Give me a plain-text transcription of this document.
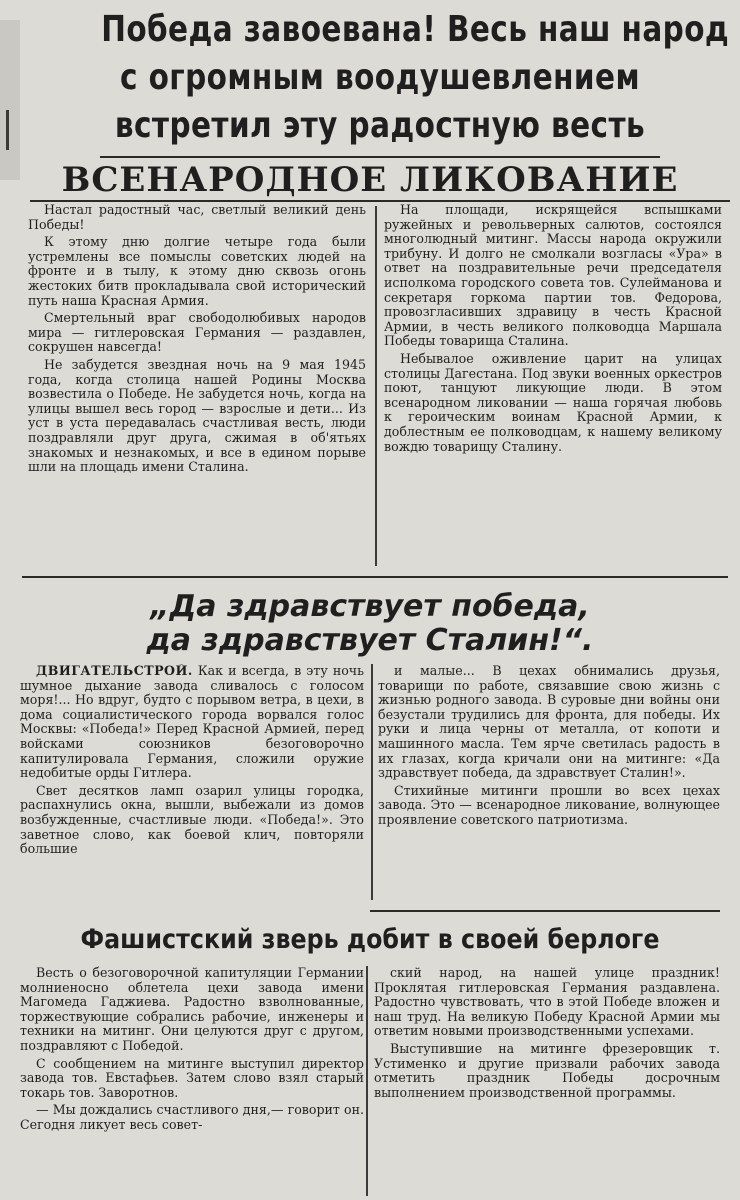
Победа завоевана! Весь наш народ
с огромным воодушевлением
встретил эту радостную весть
ВСЕНАРОДНОЕ ЛИКОВАНИЕ

Настал радостный час, светлый великий день Победы!

К этому дню долгие четыре года были устремлены все помыслы советских людей на фронте и в тылу, к этому дню сквозь огонь жестоких битв прокладывала свой исторический путь наша Красная Армия.

Смертельный враг свободолюбивых народов мира — гитлеровская Германия — раздавлен, сокрушен навсегда!

Не забудется звездная ночь на 9 мая 1945 года, когда столица нашей Родины Москва возвестила о Победе. Не забудется ночь, когда на улицы вышел весь город — взрослые и дети... Из уст в уста передавалась счастливая весть, люди поздравляли друг друга, сжимая в об'ятьях знакомых и незнакомых, и все в едином порыве шли на площадь имени Сталина.

На площади, искрящейся вспышками ружейных и револьверных салютов, состоялся многолюдный митинг. Массы народа окружили трибуну. И долго не смолкали возгласы «Ура» в ответ на поздравительные речи председателя исполкома городского совета тов. Сулейманова и секретаря горкома партии тов. Федорова, провозгласивших здравицу в честь Красной Армии, в честь великого полководца Маршала Победы товарища Сталина.

Небывалое оживление царит на улицах столицы Дагестана. Под звуки военных оркестров поют, танцуют ликующие люди. В этом всенародном ликовании — наша горячая любовь к героическим воинам Красной Армии, к доблестным ее полководцам, к нашему великому вождю товарищу Сталину.

„Да здравствует победа,
да здравствует Сталин!“.

ДВИГАТЕЛЬСТРОЙ. Как и всегда, в эту ночь шумное дыхание завода сливалось с голосом моря!... Но вдруг, будто с порывом ветра, в цехи, в дома социалистического города ворвался голос Москвы: «Победа!» Перед Красной Армией, перед войсками союзников безоговорочно капитулировала Германия, сложили оружие недобитые орды Гитлера.

Свет десятков ламп озарил улицы городка, распахнулись окна, вышли, выбежали из домов возбужденные, счастливые люди. «Победа!». Это заветное слово, как боевой клич, повторяли большие

и малые... В цехах обнимались друзья, товарищи по работе, связавшие свою жизнь с жизнью родного завода. В суровые дни войны они безустали трудились для фронта, для победы. Их руки и лица черны от металла, от копоти и машинного масла. Тем ярче светилась радость в их глазах, когда кричали они на митинге: «Да здравствует победа, да здравствует Сталин!».

Стихийные митинги прошли во всех цехах завода. Это — всенародное ликование, волнующее проявление советского патриотизма.

Фашистский зверь добит в своей берлоге

Весть о безоговорочной капитуляции Германии молниеносно облетела цехи завода имени Магомеда Гаджиева. Радостно взволнованные, торжествующие собрались рабочие, инженеры и техники на митинг. Они целуются друг с другом, поздравляют с Победой.

С сообщением на митинге выступил директор завода тов. Евстафьев. Затем слово взял старый токарь тов. Заворотнов.

— Мы дождались счастливого дня,— говорит он. Сегодня ликует весь совет-

ский народ, на нашей улице праздник! Проклятая гитлеровская Германия раздавлена. Радостно чувствовать, что в этой Победе вложен и наш труд. На великую Победу Красной Армии мы ответим новыми производственными успехами.

Выступившие на митинге фрезеровщик т. Устименко и другие призвали рабочих завода отметить праздник Победы досрочным выполнением производственной программы.
